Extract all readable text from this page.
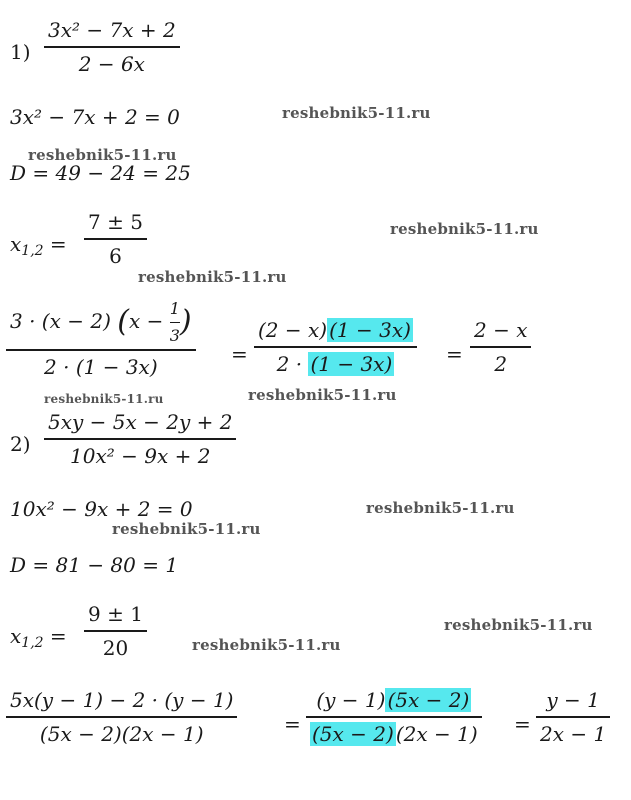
1)
3x² − 7x + 2
2 − 6x
3x² − 7x + 2 = 0	reshebnik5-11.ru
reshebnik5-11.ru
D = 49 − 24 = 25
$x_{1,2}$ =
7 ± 5
6
reshebnik5-11.ru
reshebnik5-11.ru
3 · (x − 2) ($x - \frac{1}{3}$ )
2 · (1 − 3x)
=
(2 − x) (1 − 3x)
2 · (1 − 3x)	=
2 − x
2
reshebnik5-11.ru	reshebnik5-11.ru
2)
5xy − 5x − 2y + 2
10x² − 9x + 2
10x² − 9x + 2 = 0	reshebnik5-11.ru
reshebnik5-11.ru
D = 81 − 80 = 1
$x_{1,2}$ =
9 ± 1
20
reshebnik5-11.ru
reshebnik5-11.ru
5x(y − 1) − 2 · (y − 1)
(5x − 2)(2x − 1)	=
(y − 1) (5x − 2)
(5x − 2) (2x − 1) =
y − 1
2x − 1
